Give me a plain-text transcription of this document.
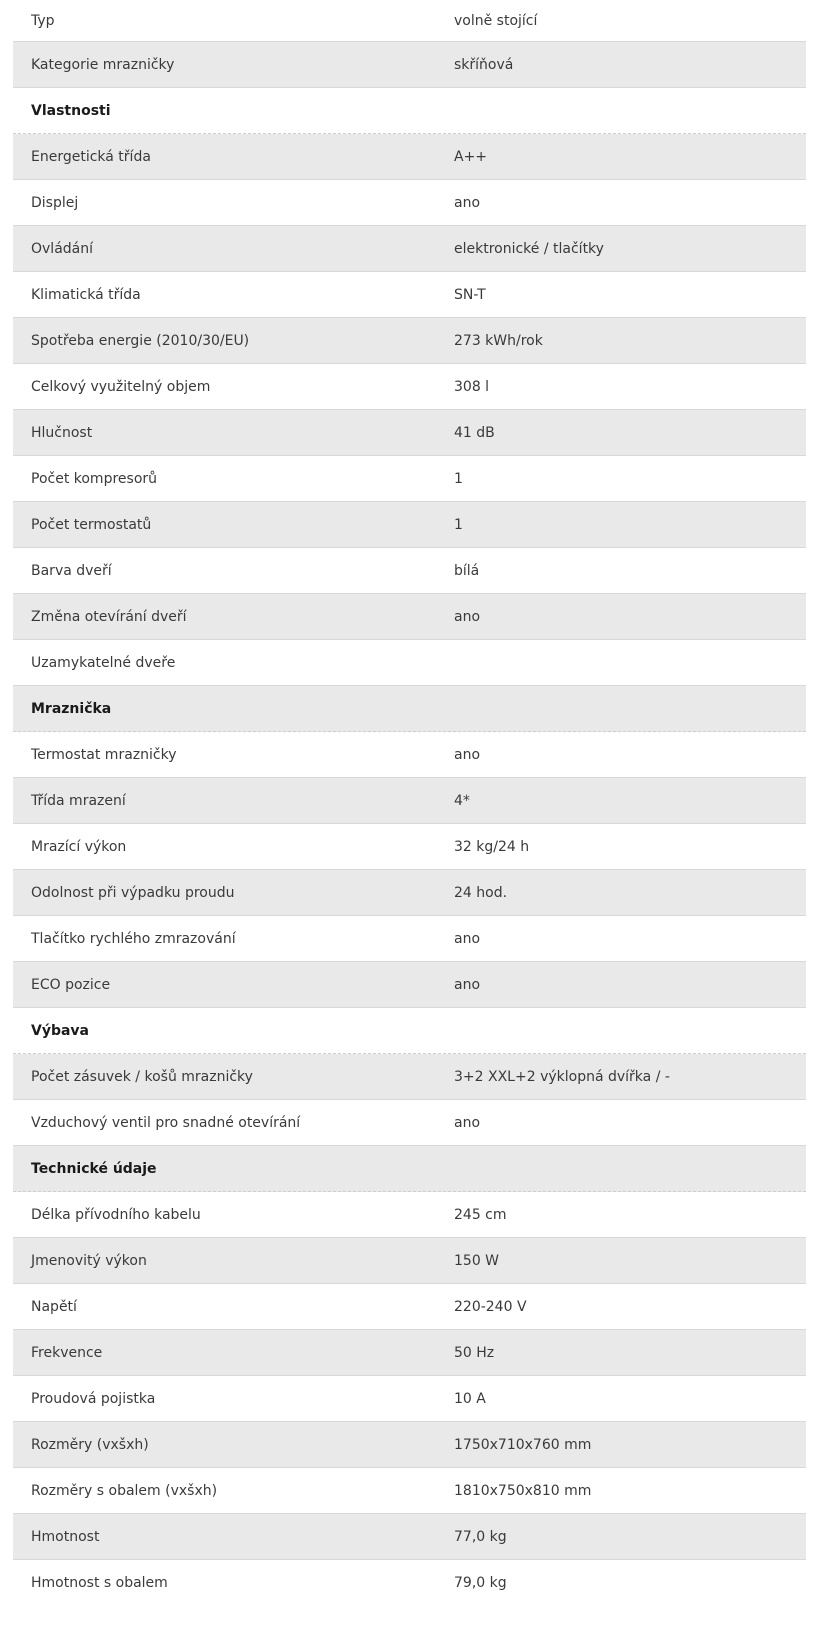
Typ	volně stojící
Kategorie mrazničky	skříňová
Vlastnosti
Energetická třída	A++
Displej	ano
Ovládání	elektronické / tlačítky
Klimatická třída	SN-T
Spotřeba energie (2010/30/EU)	273 kWh/rok
Celkový využitelný objem	308 l
Hlučnost	41 dB
Počet kompresorů	1
Počet termostatů	1
Barva dveří	bílá
Změna otevírání dveří	ano
Uzamykatelné dveře
Mraznička
Termostat mrazničky	ano
Třída mrazení	4*
Mrazící výkon	32 kg/24 h
Odolnost při výpadku proudu	24 hod.
Tlačítko rychlého zmrazování	ano
ECO pozice	ano
Výbava
Počet zásuvek / košů mrazničky	3+2 XXL+2 výklopná dvířka / -
Vzduchový ventil pro snadné otevírání	ano
Technické údaje
Délka přívodního kabelu	245 cm
Jmenovitý výkon	150 W
Napětí	220-240 V
Frekvence	50 Hz
Proudová pojistka	10 A
Rozměry (vxšxh)	1750x710x760 mm
Rozměry s obalem (vxšxh)	1810x750x810 mm
Hmotnost	77,0 kg
Hmotnost s obalem	79,0 kg
